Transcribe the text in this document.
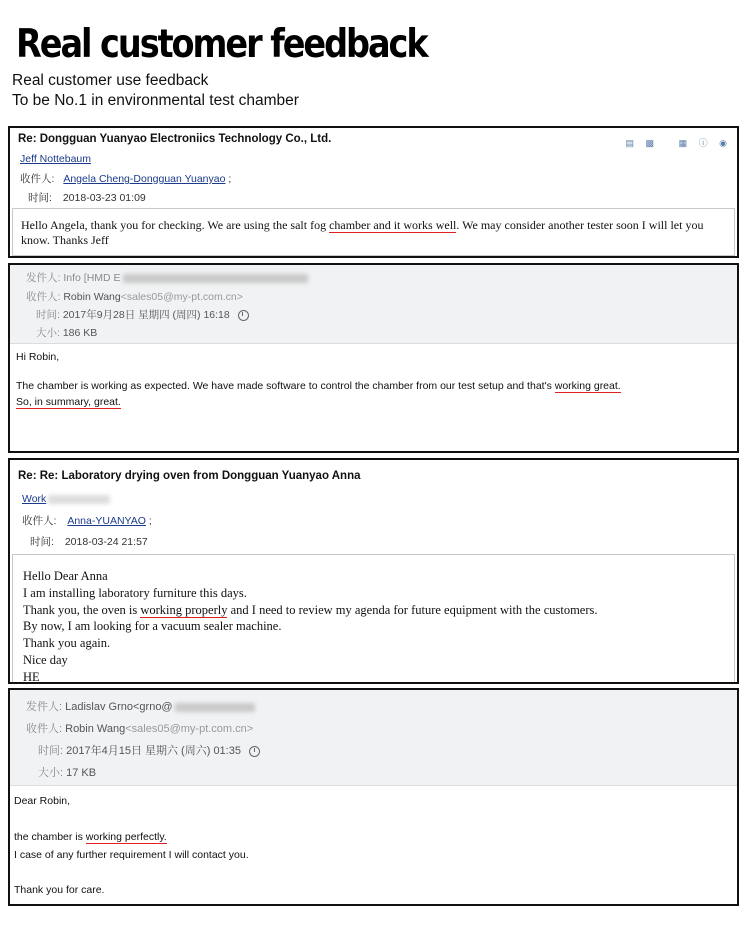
Real customer feedback
Real customer use feedback
To be No.1 in environmental test chamber
Re: Dongguan Yuanyao Electroniics Technology Co., Ltd.	▤ ▩	▦ ⓘ ◉
Jeff Nottebaum
收件人: Angela Cheng-Dongguan Yuanyao ;
时间: 2018-03-23 01:09
Hello Angela, thank you for checking. We are using the salt fog chamber and it works well. We may consider another tester soon I will let you know. Thanks Jeff
发件人: Info [HMD E
收件人: Robin Wang<sales05@my-pt.com.cn>
时间: 2017年9月28日 星期四 (周四) 16:18
大小: 186 KB
Hi Robin,
The chamber is working as expected. We have made software to control the chamber from our test setup and that's working great.
So, in summary, great.
Re: Re: Laboratory drying oven from Dongguan Yuanyao Anna
Work
收件人: Anna-YUANYAO ;
时间: 2018-03-24 21:57
Hello Dear Anna
I am installing laboratory furniture this days.
Thank you, the oven is working properly and I need to review my agenda for future equipment with the customers.
By now, I am looking for a vacuum sealer machine.
Thank you again.
Nice day
HE
发件人: Ladislav Grno<grno@
收件人: Robin Wang<sales05@my-pt.com.cn>
时间: 2017年4月15日 星期六 (周六) 01:35
大小: 17 KB
Dear Robin,
the chamber is working perfectly.
I case of any further requirement I will contact you.
Thank you for care.
